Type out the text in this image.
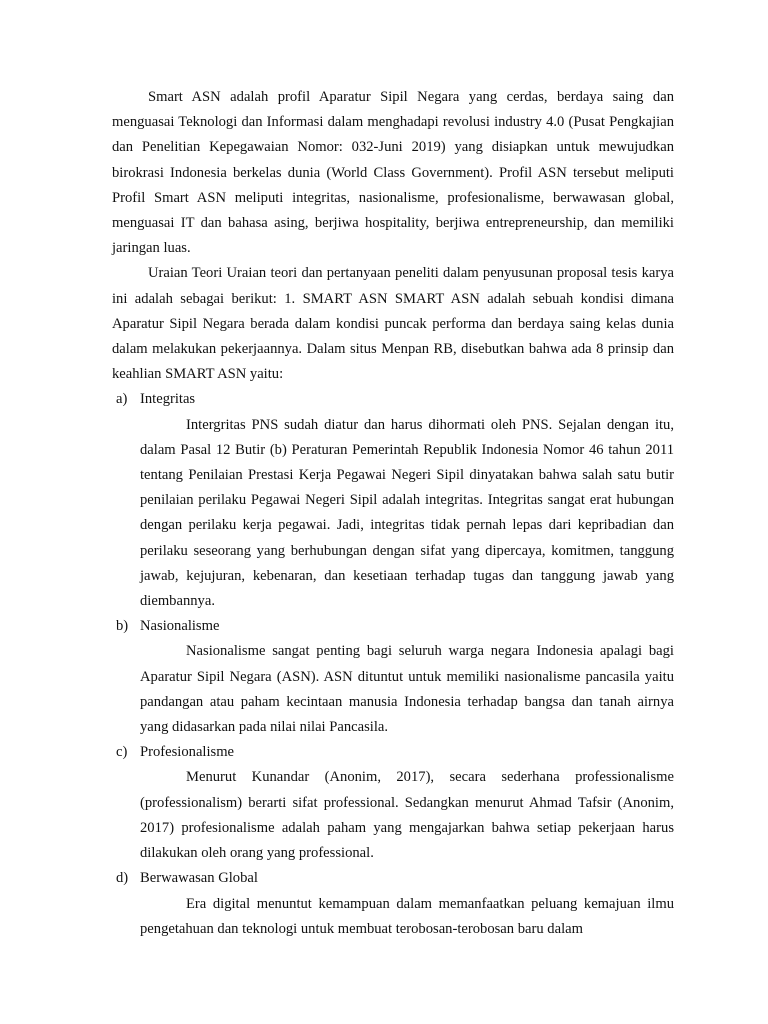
Smart ASN adalah profil Aparatur Sipil Negara yang cerdas, berdaya saing dan menguasai Teknologi dan Informasi dalam menghadapi revolusi industry 4.0 (Pusat Pengkajian dan Penelitian Kepegawaian Nomor: 032-Juni 2019) yang disiapkan untuk mewujudkan birokrasi Indonesia berkelas dunia (World Class Government). Profil ASN tersebut meliputi Profil Smart ASN meliputi integritas, nasionalisme, profesionalisme, berwawasan global, menguasai IT dan bahasa asing, berjiwa hospitality, berjiwa entrepreneurship, dan memiliki jaringan luas.

Uraian Teori Uraian teori dan pertanyaan peneliti dalam penyusunan proposal tesis karya ini adalah sebagai berikut: 1. SMART ASN SMART ASN adalah sebuah kondisi dimana Aparatur Sipil Negara berada dalam kondisi puncak performa dan berdaya saing kelas dunia dalam melakukan pekerjaannya. Dalam situs Menpan RB, disebutkan bahwa ada 8 prinsip dan keahlian SMART ASN yaitu:

a) Integritas

Intergritas PNS sudah diatur dan harus dihormati oleh PNS. Sejalan dengan itu, dalam Pasal 12 Butir (b) Peraturan Pemerintah Republik Indonesia Nomor 46 tahun 2011 tentang Penilaian Prestasi Kerja Pegawai Negeri Sipil dinyatakan bahwa salah satu butir penilaian perilaku Pegawai Negeri Sipil adalah integritas. Integritas sangat erat hubungan dengan perilaku kerja pegawai. Jadi, integritas tidak pernah lepas dari kepribadian dan perilaku seseorang yang berhubungan dengan sifat yang dipercaya, komitmen, tanggung jawab, kejujuran, kebenaran, dan kesetiaan terhadap tugas dan tanggung jawab yang diembannya.

b) Nasionalisme

Nasionalisme sangat penting bagi seluruh warga negara Indonesia apalagi bagi Aparatur Sipil Negara (ASN). ASN dituntut untuk memiliki nasionalisme pancasila yaitu pandangan atau paham kecintaan manusia Indonesia terhadap bangsa dan tanah airnya yang didasarkan pada nilai nilai Pancasila.

c) Profesionalisme

Menurut Kunandar (Anonim, 2017), secara sederhana professionalisme (professionalism) berarti sifat professional. Sedangkan menurut Ahmad Tafsir (Anonim, 2017) profesionalisme adalah paham yang mengajarkan bahwa setiap pekerjaan harus dilakukan oleh orang yang professional.

d) Berwawasan Global

Era digital menuntut kemampuan dalam memanfaatkan peluang kemajuan ilmu pengetahuan dan teknologi untuk membuat terobosan-terobosan baru dalam
